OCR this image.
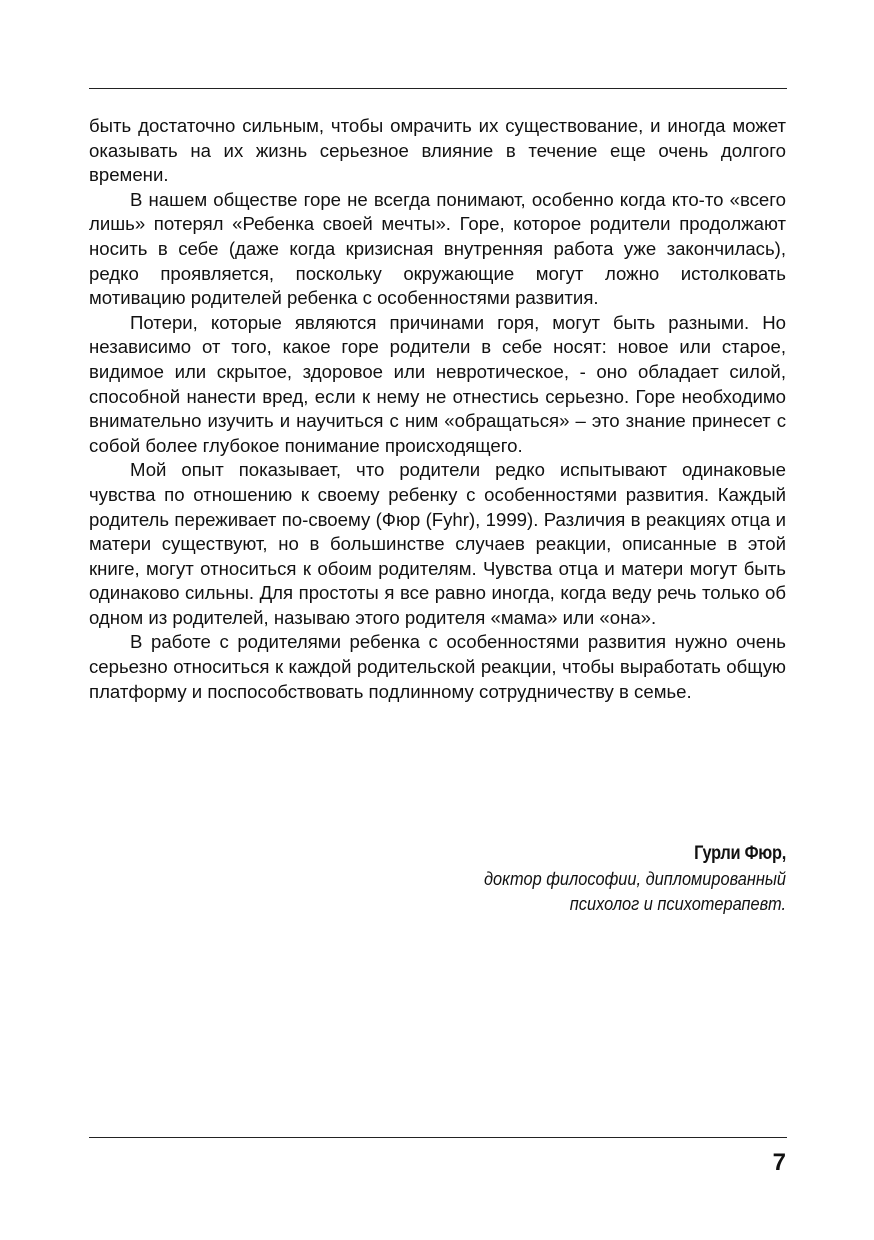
быть достаточно сильным, чтобы омрачить их существование, и иногда может оказывать на их жизнь серьезное влияние в течение еще очень долгого времени.

В нашем обществе горе не всегда понимают, особенно когда кто-то «всего лишь» потерял «Ребенка своей мечты». Горе, которое родители продолжают носить в себе (даже когда кризисная внутренняя работа уже закончилась), редко проявляется, поскольку окружающие могут ложно истолковать мотивацию родителей ребенка с особенностями развития.

Потери, которые являются причинами горя, могут быть разными. Но независимо от того, какое горе родители в себе носят: новое или старое, видимое или скрытое, здоровое или невротическое, - оно обладает силой, способной нанести вред, если к нему не отнестись серьезно. Горе необходимо внимательно изучить и научиться с ним «обращаться» – это знание принесет с собой более глубокое понимание происходящего.

Мой опыт показывает, что родители редко испытывают одинаковые чувства по отношению к своему ребенку с особенностями развития. Каждый родитель переживает по-своему (Фюр (Fyhr), 1999). Различия в реакциях отца и матери существуют, но в большинстве случаев реакции, описанные в этой книге, могут относиться к обоим родителям. Чувства отца и матери могут быть одинаково сильны. Для простоты я все равно иногда, когда веду речь только об одном из родителей, называю этого родителя «мама» или «она».

В работе с родителями ребенка с особенностями развития нужно очень серьезно относиться к каждой родительской реакции, чтобы выработать общую платформу и поспособствовать подлинному сотрудничеству в семье.

Гурли Фюр,
доктор философии, дипломированный
психолог и психотерапевт.
7
